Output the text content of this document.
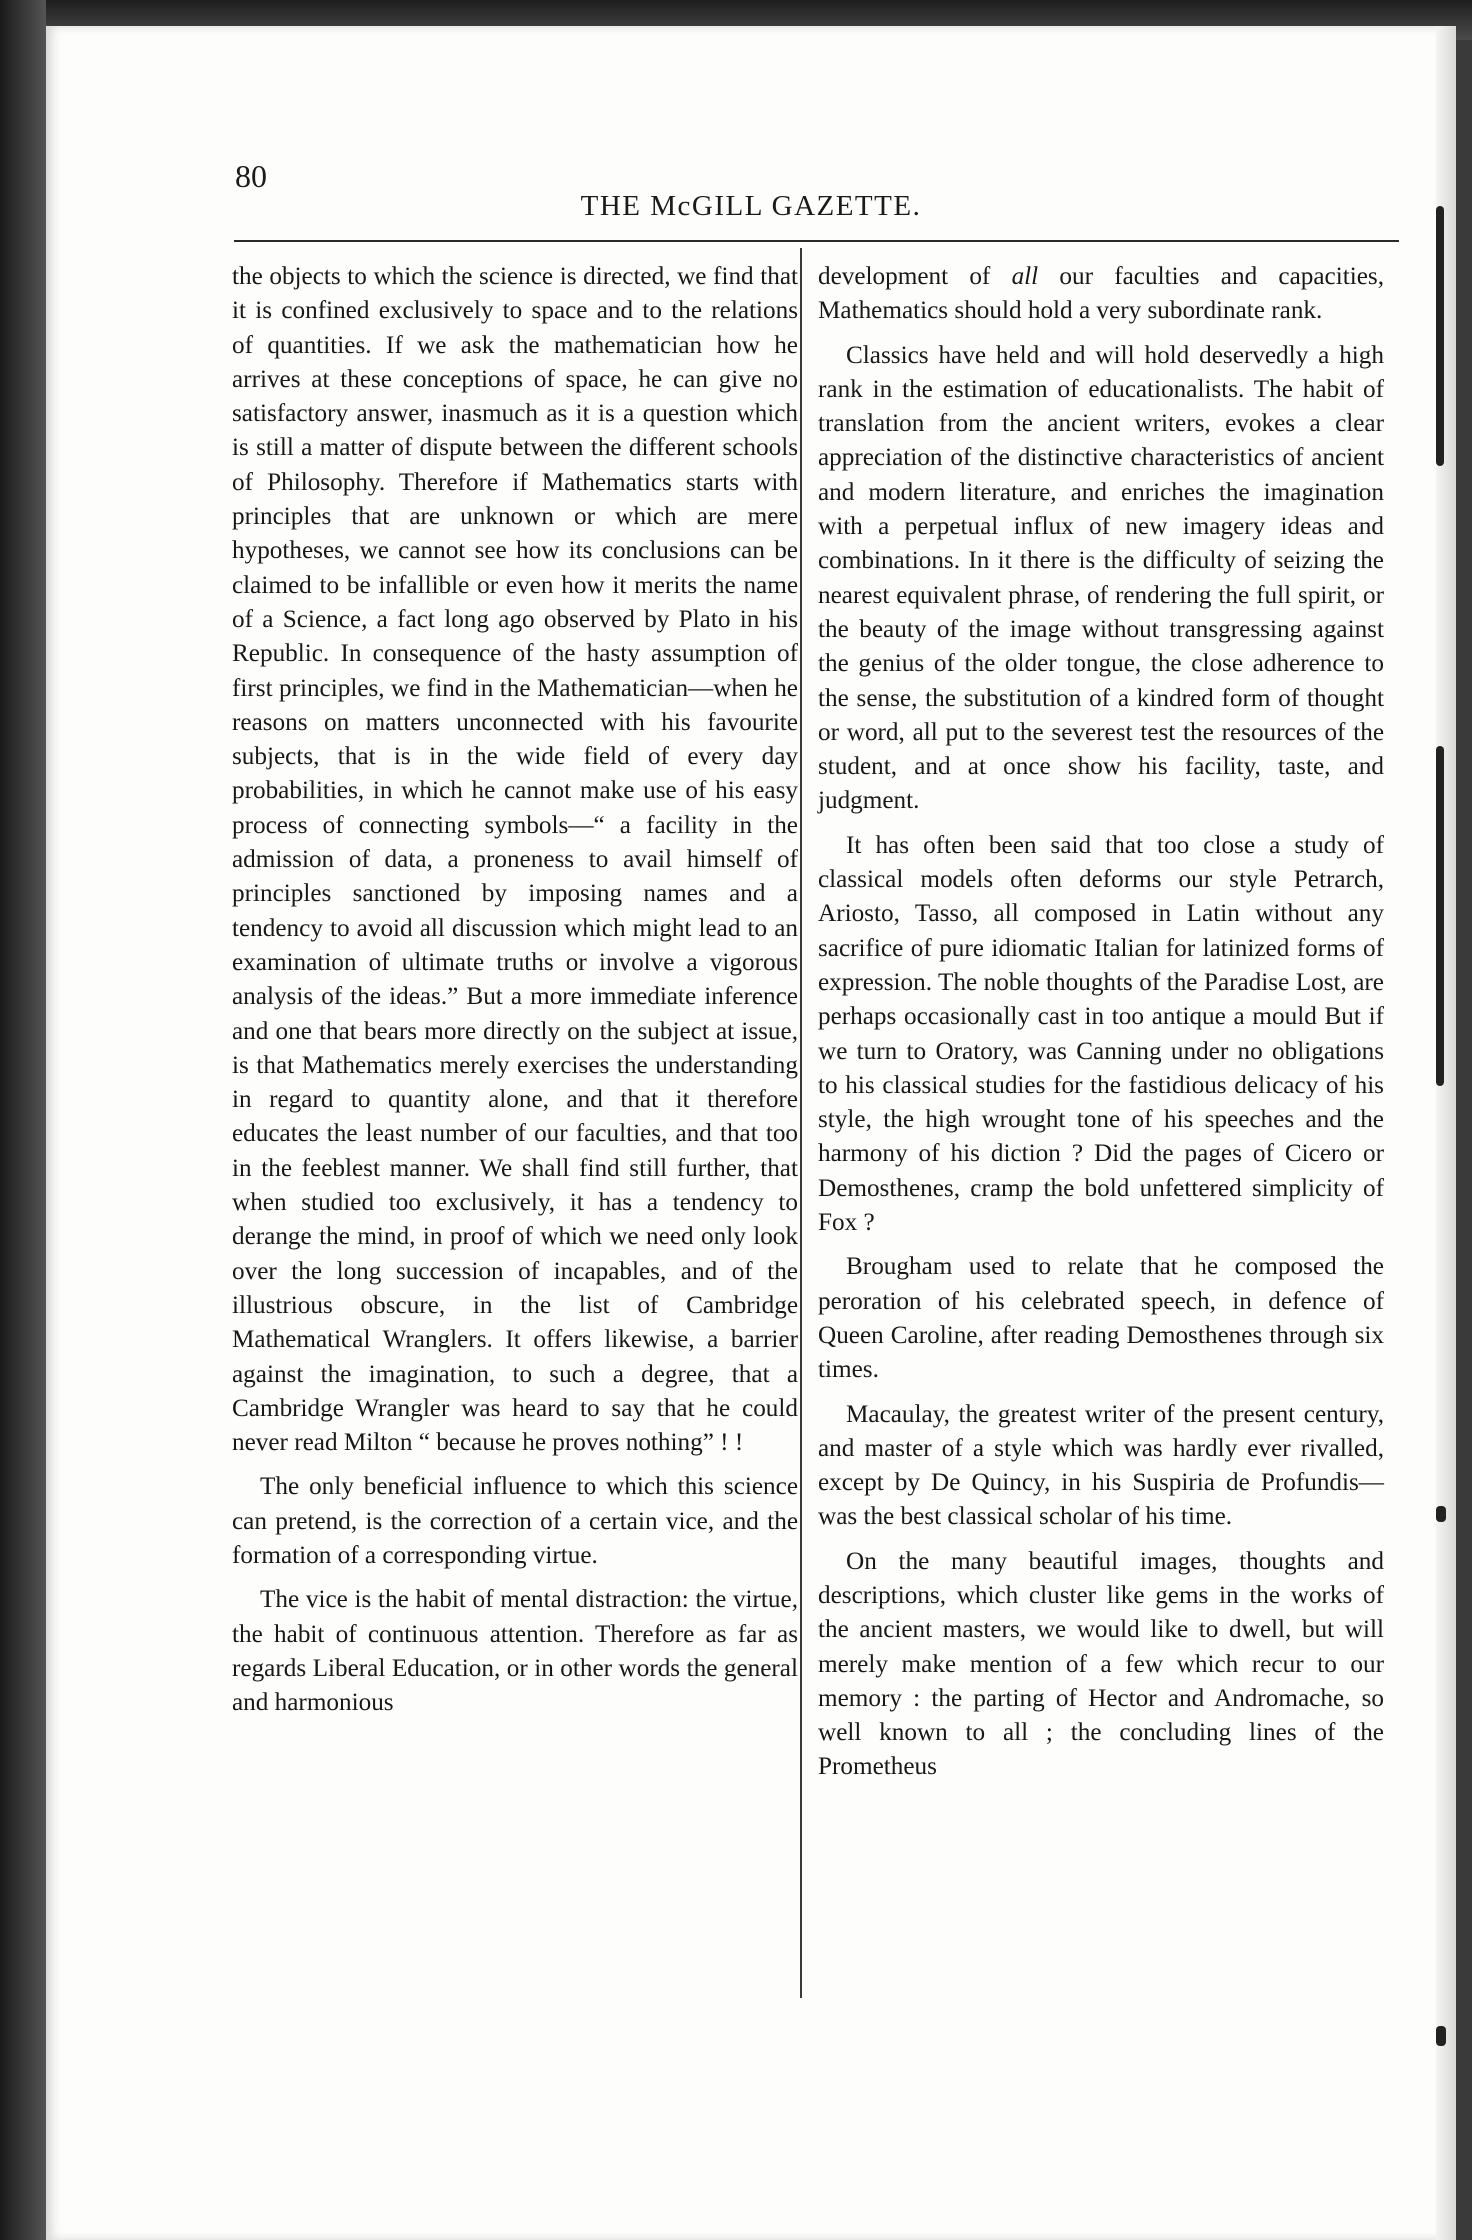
80
THE McGILL GAZETTE.

the objects to which the science is directed, we find that it is confined exclusively to space and to the relations of quantities. If we ask the mathematician how he arrives at these conceptions of space, he can give no satisfactory answer, inasmuch as it is a question which is still a matter of dispute between the different schools of Philosophy. Therefore if Mathematics starts with principles that are unknown or which are mere hypotheses, we cannot see how its conclusions can be claimed to be infallible or even how it merits the name of a Science, a fact long ago observed by Plato in his Republic. In consequence of the hasty assumption of first principles, we find in the Mathematician—when he reasons on matters unconnected with his favourite subjects, that is in the wide field of every day probabilities, in which he cannot make use of his easy process of connecting symbols—“ a facility in the admission of data, a proneness to avail himself of principles sanctioned by imposing names and a tendency to avoid all discussion which might lead to an examination of ultimate truths or involve a vigorous analysis of the ideas.” But a more immediate inference and one that bears more directly on the subject at issue, is that Mathematics merely exercises the understanding in regard to quantity alone, and that it therefore educates the least number of our faculties, and that too in the feeblest manner. We shall find still further, that when studied too exclusively, it has a tendency to derange the mind, in proof of which we need only look over the long succession of incapables, and of the illustrious obscure, in the list of Cambridge Mathematical Wranglers. It offers likewise, a barrier against the imagination, to such a degree, that a Cambridge Wrangler was heard to say that he could never read Milton “ because he proves nothing” ! !

The only beneficial influence to which this science can pretend, is the correction of a certain vice, and the formation of a corresponding virtue.

The vice is the habit of mental distraction: the virtue, the habit of continuous attention. Therefore as far as regards Liberal Education, or in other words the general and harmonious

development of all our faculties and capacities, Mathematics should hold a very subordinate rank.

Classics have held and will hold deservedly a high rank in the estimation of educationalists. The habit of translation from the ancient writers, evokes a clear appreciation of the distinctive characteristics of ancient and modern literature, and enriches the imagination with a perpetual influx of new imagery ideas and combinations. In it there is the difficulty of seizing the nearest equivalent phrase, of rendering the full spirit, or the beauty of the image without transgressing against the genius of the older tongue, the close adherence to the sense, the substitution of a kindred form of thought or word, all put to the severest test the resources of the student, and at once show his facility, taste, and judgment.

It has often been said that too close a study of classical models often deforms our style Petrarch, Ariosto, Tasso, all composed in Latin without any sacrifice of pure idiomatic Italian for latinized forms of expression. The noble thoughts of the Paradise Lost, are perhaps occasionally cast in too antique a mould But if we turn to Oratory, was Canning under no obligations to his classical studies for the fastidious delicacy of his style, the high wrought tone of his speeches and the harmony of his diction ? Did the pages of Cicero or Demosthenes, cramp the bold unfettered simplicity of Fox ?

Brougham used to relate that he composed the peroration of his celebrated speech, in defence of Queen Caroline, after reading Demosthenes through six times.

Macaulay, the greatest writer of the present century, and master of a style which was hardly ever rivalled, except by De Quincy, in his Suspiria de Profundis—was the best classical scholar of his time.

On the many beautiful images, thoughts and descriptions, which cluster like gems in the works of the ancient masters, we would like to dwell, but will merely make mention of a few which recur to our memory : the parting of Hector and Andromache, so well known to all ; the concluding lines of the Prometheus
